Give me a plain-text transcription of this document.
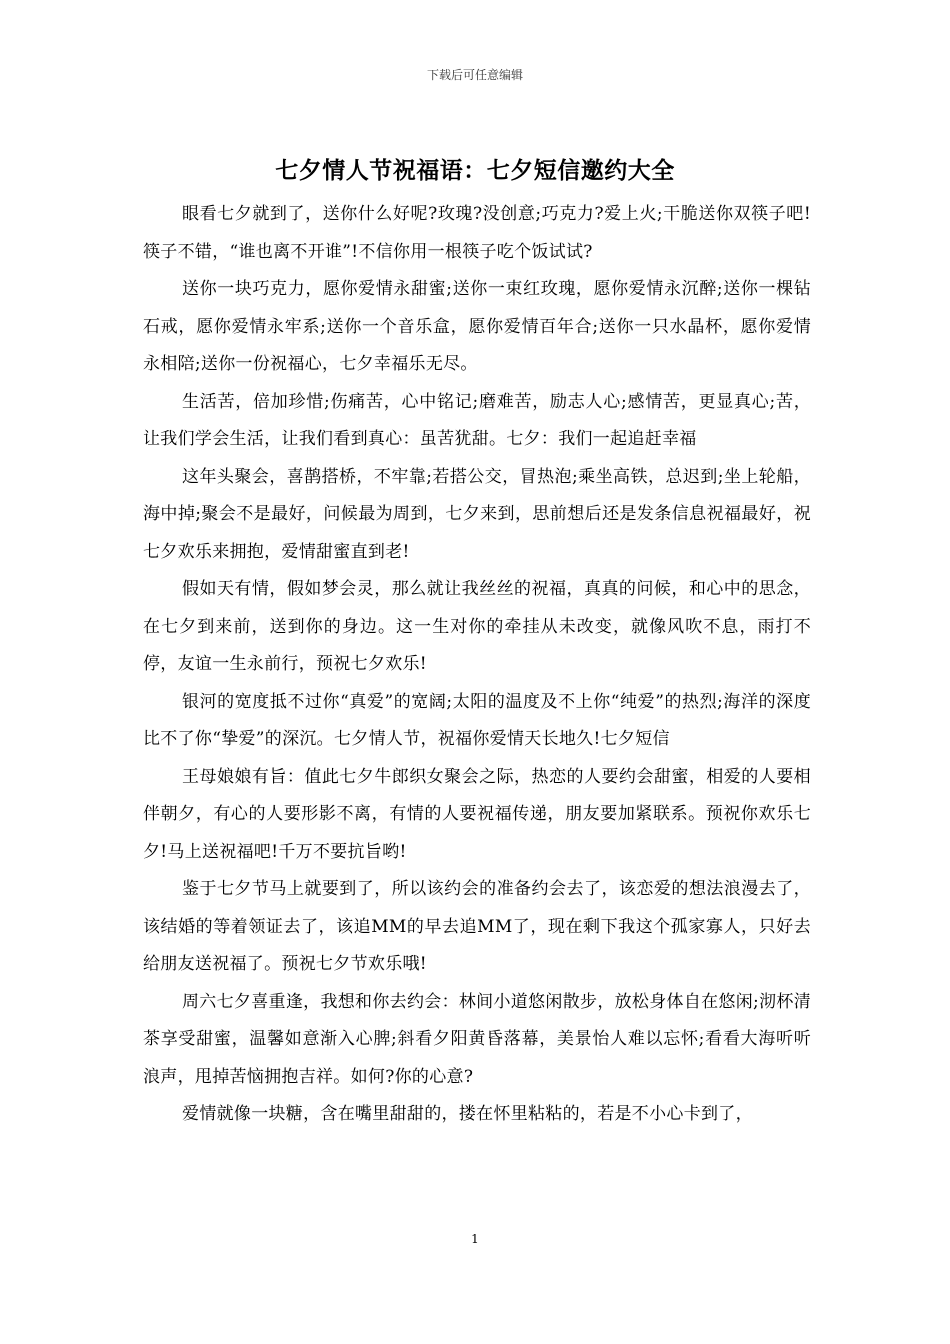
下载后可任意编辑
七夕情人节祝福语：七夕短信邀约大全

眼看七夕就到了，送你什么好呢?玫瑰?没创意;巧克力?爱上火;干脆送你双筷子吧!筷子不错，“谁也离不开谁”!不信你用一根筷子吃个饭试试?

送你一块巧克力，愿你爱情永甜蜜;送你一束红玫瑰，愿你爱情永沉醉;送你一棵钻石戒，愿你爱情永牢系;送你一个音乐盒，愿你爱情百年合;送你一只水晶杯，愿你爱情永相陪;送你一份祝福心，七夕幸福乐无尽。

生活苦，倍加珍惜;伤痛苦，心中铭记;磨难苦，励志人心;感情苦，更显真心;苦，让我们学会生活，让我们看到真心：虽苦犹甜。七夕：我们一起追赶幸福

这年头聚会，喜鹊搭桥，不牢靠;若搭公交，冒热泡;乘坐高铁，总迟到;坐上轮船，海中掉;聚会不是最好，问候最为周到，七夕来到，思前想后还是发条信息祝福最好，祝七夕欢乐来拥抱，爱情甜蜜直到老!

假如天有情，假如梦会灵，那么就让我丝丝的祝福，真真的问候，和心中的思念，在七夕到来前，送到你的身边。这一生对你的牵挂从未改变，就像风吹不息，雨打不停，友谊一生永前行，预祝七夕欢乐!

银河的宽度抵不过你“真爱”的宽阔;太阳的温度及不上你“纯爱”的热烈;海洋的深度比不了你“挚爱”的深沉。七夕情人节，祝福你爱情天长地久!七夕短信

王母娘娘有旨：值此七夕牛郎织女聚会之际，热恋的人要约会甜蜜，相爱的人要相伴朝夕，有心的人要形影不离，有情的人要祝福传递，朋友要加紧联系。预祝你欢乐七夕!马上送祝福吧!千万不要抗旨哟!

鉴于七夕节马上就要到了，所以该约会的准备约会去了，该恋爱的想法浪漫去了，该结婚的等着领证去了，该追MM的早去追MM了，现在剩下我这个孤家寡人，只好去给朋友送祝福了。预祝七夕节欢乐哦!

周六七夕喜重逢，我想和你去约会：林间小道悠闲散步，放松身体自在悠闲;沏杯清茶享受甜蜜，温馨如意渐入心脾;斜看夕阳黄昏落幕，美景怡人难以忘怀;看看大海听听浪声，甩掉苦恼拥抱吉祥。如何?你的心意?

爱情就像一块糖，含在嘴里甜甜的，搂在怀里粘粘的，若是不小心卡到了，

1
